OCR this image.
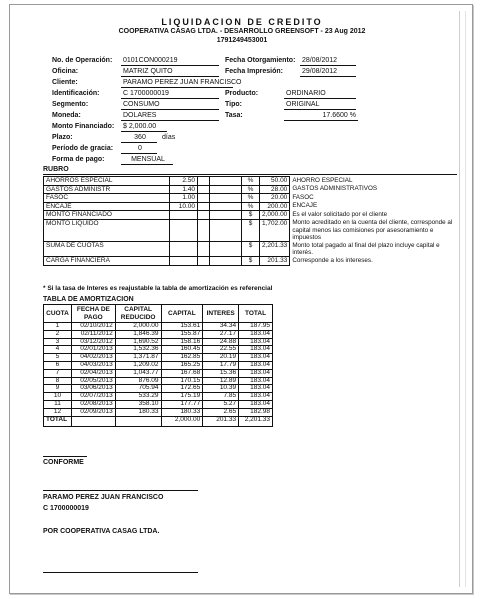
LIQUIDACION DE CREDITO
COOPERATIVA CASAG LTDA. - DESARROLLO GREENSOFT - 23 Aug 2012
1791249453001
No. de Operación: 0101CON000219	Fecha Otorgamiento: 28/08/2012
Oficina:	MATRIZ QUITO	Fecha Impresión:	29/08/2012
Cliente:	PARAMO PEREZ JUAN FRANCISCO
Identificación:	C 1700000019	Producto:	ORDINARIO
Segmento:	CONSUMO	Tipo:	ORIGINAL
Moneda:	DOLARES	Tasa:	17.6600 %
Monto Financiado: $ 2,000.00
Plazo:	360	días
Período de gracia:	0
Forma de pago:	MENSUAL
RUBRO
AHORROS ESPECIAL	2.50			%	50.00	AHORRO ESPECIAL
GASTOS ADMINISTR	1.40			%	28.00	GASTOS ADMINISTRATIVOS
FASOC	1.00			%	20.00	FASOC
ENCAJE	10.00			%	200.00	ENCAJE
MONTO FINANCIADO				$	2,000.00	Es el valor solicitado por el cliente
MONTO LIQUIDO				$	1,702.00	Monto acreditado en la cuenta del cliente, corresponde al capital menos las comisiones por asesoramiento e impuestos
SUMA DE CUOTAS				$	2,201.33	Monto total pagado al final del plazo incluye capital e interés.
CARGA FINANCIERA				$	201.33	Corresponde a los intereses.
* Si la tasa de Interes es reajustable la tabla de amortización es referencial
TABLA DE AMORTIZACION
CUOTA	FECHA DE PAGO	CAPITAL REDUCIDO	CAPITAL	INTERES	TOTAL
1	02/10/2012	2,000.00	153.61	34.34	187.95
2	02/11/2012	1,846.39	155.87	27.17	183.04
3	03/12/2012	1,690.52	158.16	24.88	183.04
4	02/01/2013	1,532.36	160.45	22.55	183.04
5	04/02/2013	1,371.87	162.85	20.19	183.04
6	04/03/2013	1,209.02	165.25	17.79	183.04
7	02/04/2013	1,043.77	167.68	15.36	183.04
8	02/05/2013	876.09	170.15	12.89	183.04
9	03/06/2013	705.94	172.65	10.39	183.04
10	02/07/2013	533.29	175.19	7.85	183.04
11	02/08/2013	358.10	177.77	5.27	183.04
12	02/09/2013	180.33	180.33	2.65	182.98
TOTAL			2,000.00	201.33	2,201.33
CONFORME
PARAMO PEREZ JUAN FRANCISCO
C 1700000019
POR COOPERATIVA CASAG LTDA.
